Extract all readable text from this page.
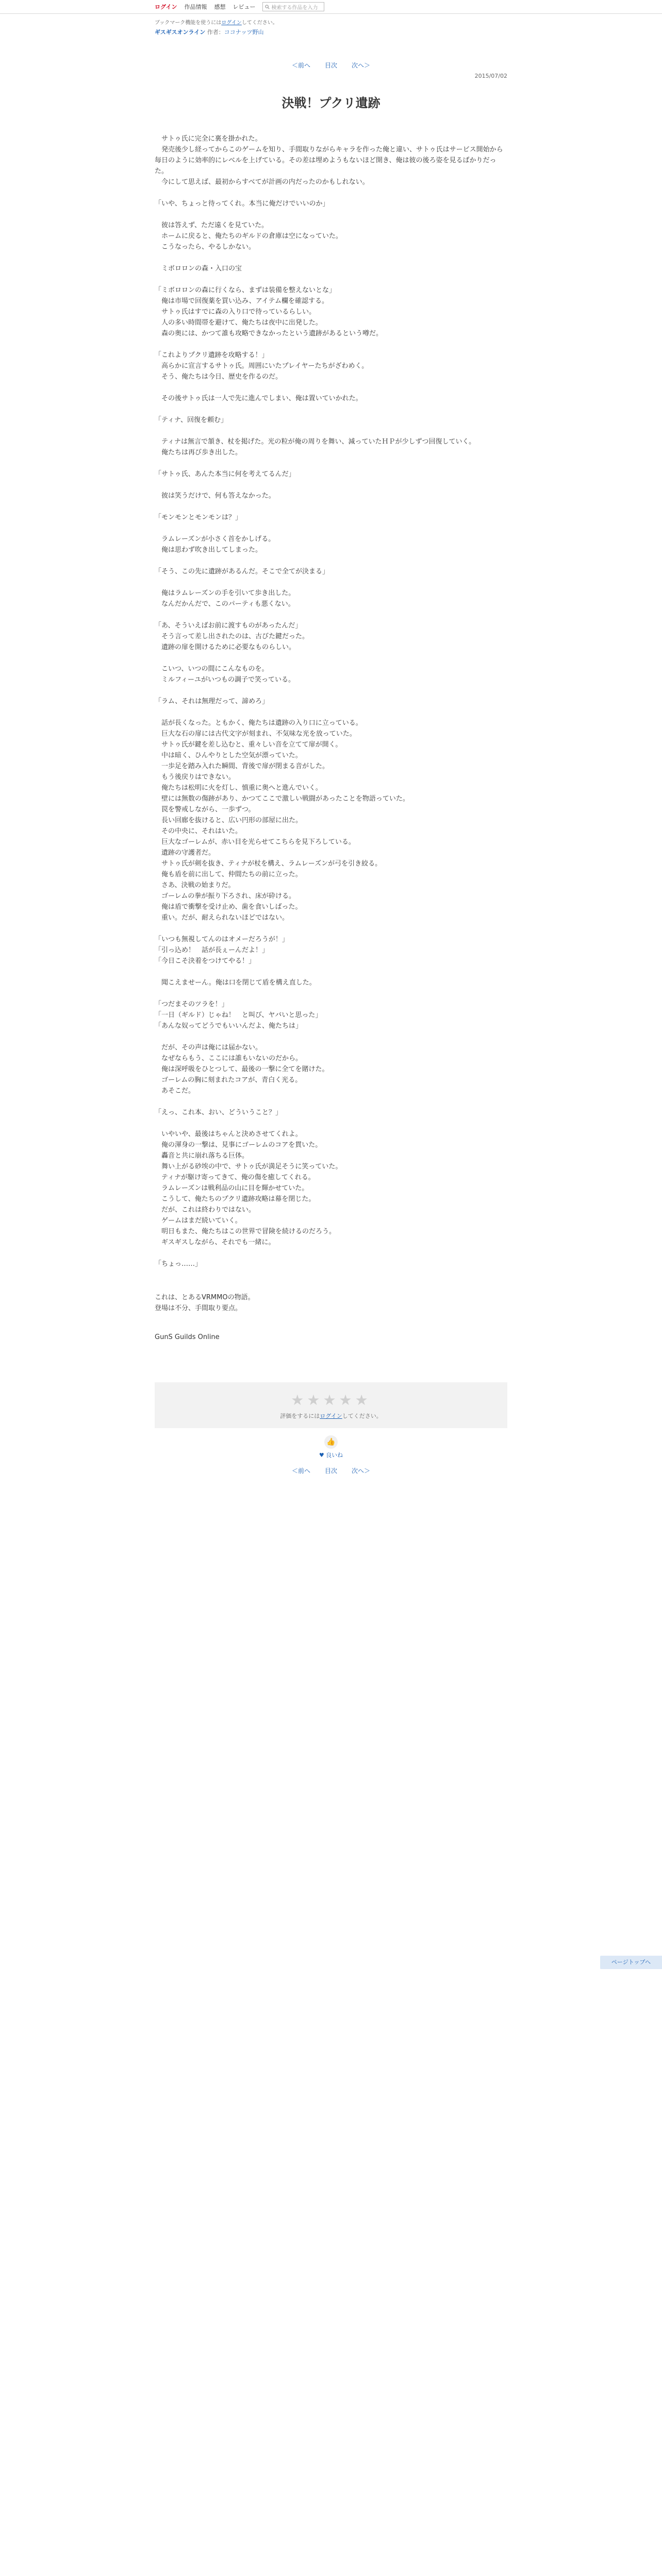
ログイン 作品情報 感想 レビュー	検索する作品を入力
ブックマーク機能を使うにはログインしてください。
ギスギスオンライン 作者：ココナッツ野山
＜前へ 目次 次へ＞
2015/07/02
決戦！プクリ遺跡

　サトゥ氏に完全に裏を掛かれた。
　発売後少し経ってからこのゲームを知り、手間取りながらキャラを作った俺と違い、サトゥ氏はサービス開始から毎日のように効率的にレベルを上げている。その差は埋めようもないほど開き、俺は彼の後ろ姿を見るばかりだった。
　今にして思えば、最初からすべてが計画の内だったのかもしれない。

「いや、ちょっと待ってくれ。本当に俺だけでいいのか」

　彼は答えず、ただ遠くを見ていた。
　ホームに戻ると、俺たちのギルドの倉庫は空になっていた。
　こうなったら、やるしかない。

　ミボロロンの森・入口の宝

「ミボロロンの森に行くなら、まずは装備を整えないとな」
　俺は市場で回復薬を買い込み、アイテム欄を確認する。
　サトゥ氏はすでに森の入り口で待っているらしい。
　人の多い時間帯を避けて、俺たちは夜中に出発した。
　森の奥には、かつて誰も攻略できなかったという遺跡があるという噂だ。

「これよりプクリ遺跡を攻略する！」
　高らかに宣言するサトゥ氏。周囲にいたプレイヤーたちがざわめく。
　そう、俺たちは今日、歴史を作るのだ。

　その後サトゥ氏は一人で先に進んでしまい、俺は置いていかれた。

「ティナ、回復を頼む」

　ティナは無言で頷き、杖を掲げた。光の粒が俺の周りを舞い、減っていたＨＰが少しずつ回復していく。
　俺たちは再び歩き出した。

「サトゥ氏、あんた本当に何を考えてるんだ」

　彼は笑うだけで、何も答えなかった。

「モンモンとモンモンは？」

　ラムレーズンが小さく首をかしげる。
　俺は思わず吹き出してしまった。

「そう、この先に遺跡があるんだ。そこで全てが決まる」

　俺はラムレーズンの手を引いて歩き出した。
　なんだかんだで、このパーティも悪くない。

「あ、そういえばお前に渡すものがあったんだ」
　そう言って差し出されたのは、古びた鍵だった。
　遺跡の扉を開けるために必要なものらしい。

　こいつ、いつの間にこんなものを。
　ミルフィーユがいつもの調子で笑っている。

「ラム、それは無理だって、諦めろ」

　話が長くなった。ともかく、俺たちは遺跡の入り口に立っている。
　巨大な石の扉には古代文字が刻まれ、不気味な光を放っていた。
　サトゥ氏が鍵を差し込むと、重々しい音を立てて扉が開く。
　中は暗く、ひんやりとした空気が漂っていた。
　一歩足を踏み入れた瞬間、背後で扉が閉まる音がした。
　もう後戻りはできない。
　俺たちは松明に火を灯し、慎重に奥へと進んでいく。
　壁には無数の傷跡があり、かつてここで激しい戦闘があったことを物語っていた。
　罠を警戒しながら、一歩ずつ。
　長い回廊を抜けると、広い円形の部屋に出た。
　その中央に、それはいた。
　巨大なゴーレムが、赤い目を光らせてこちらを見下ろしている。
　遺跡の守護者だ。
　サトゥ氏が剣を抜き、ティナが杖を構え、ラムレーズンが弓を引き絞る。
　俺も盾を前に出して、仲間たちの前に立った。
　さあ、決戦の始まりだ。
　ゴーレムの拳が振り下ろされ、床が砕ける。
　俺は盾で衝撃を受け止め、歯を食いしばった。
　重い。だが、耐えられないほどではない。

「いつも無視してんのはオメーだろうが！」
「引っ込め！　話が長ぇーんだよ！」
「今日こそ決着をつけてやる！」

　聞こえませーん。俺は口を閉じて盾を構え直した。

「つだまそのツラを！」
「一日（ギルド）じゃね！　と叫び、ヤバいと思った」
「あんな奴ってどうでもいいんだよ、俺たちは」

　だが、その声は俺には届かない。
　なぜならもう、ここには誰もいないのだから。
　俺は深呼吸をひとつして、最後の一撃に全てを賭けた。
　ゴーレムの胸に刻まれたコアが、青白く光る。
　あそこだ。

「えっ、これ本、おい、どういうこと？」

　いやいや、最後はちゃんと決めさせてくれよ。
　俺の渾身の一撃は、見事にゴーレムのコアを貫いた。
　轟音と共に崩れ落ちる巨体。
　舞い上がる砂埃の中で、サトゥ氏が満足そうに笑っていた。
　ティナが駆け寄ってきて、俺の傷を癒してくれる。
　ラムレーズンは戦利品の山に目を輝かせていた。
　こうして、俺たちのプクリ遺跡攻略は幕を閉じた。
　だが、これは終わりではない。
　ゲームはまだ続いていく。
　明日もまた、俺たちはこの世界で冒険を続けるのだろう。
　ギスギスしながら、それでも一緒に。

「ちょっ……」

これは、とあるVRMMOの物語。
登場は不分、手間取り要点。
GunS Guilds Online
★★★★★
評価をするにはログインしてください。
👍
♥ 良いね
＜前へ 目次 次へ＞
ページトップへ
